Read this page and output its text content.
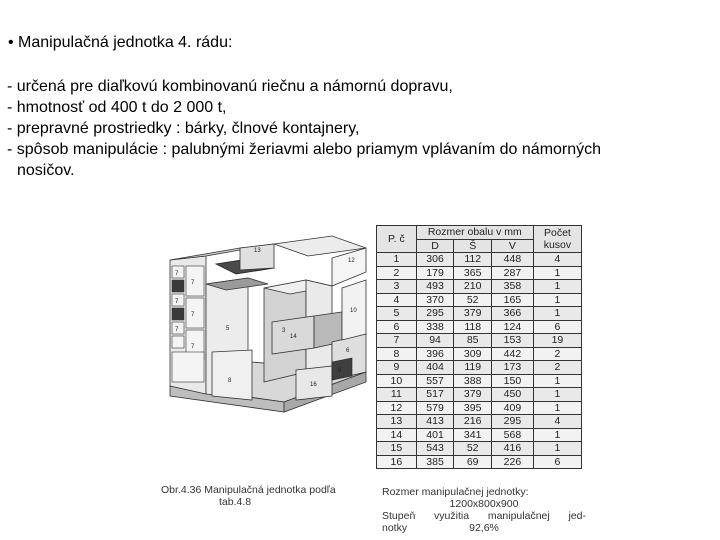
• Manipulačná jednotka 4. rádu:
- určená pre diaľkovú kombinovanú riečnu a námornú dopravu,
- hmotnosť od 400 t do 2 000 t,
- prepravné prostriedky : bárky, člnové kontajnery,
- spôsob manipulácie : palubnými žeriavmi alebo priamym vplávaním do námorných
nosičov.
13
7
7
7
7
7
7
5
8
16
14
6
9
3
12
10
P. č	Rozmer obalu v mm			Počet kusov
	D	Š	V	
1	306	112	448	4
2	179	365	287	1
3	493	210	358	1
4	370	52	165	1
5	295	379	366	1
6	338	118	124	6
7	94	85	153	19
8	396	309	442	2
9	404	119	173	2
10	557	388	150	1
11	517	379	450	1
12	579	395	409	1
13	413	216	295	4
14	401	341	568	1
15	543	52	416	1
16	385	69	226	6
Obr.4.36 Manipulačná jednotka podľa
tab.4.8
Rozmer manipulačnej jednotky:
1200x800x900
Stupeň využitia manipulačnej jed-
notky	92,6%
